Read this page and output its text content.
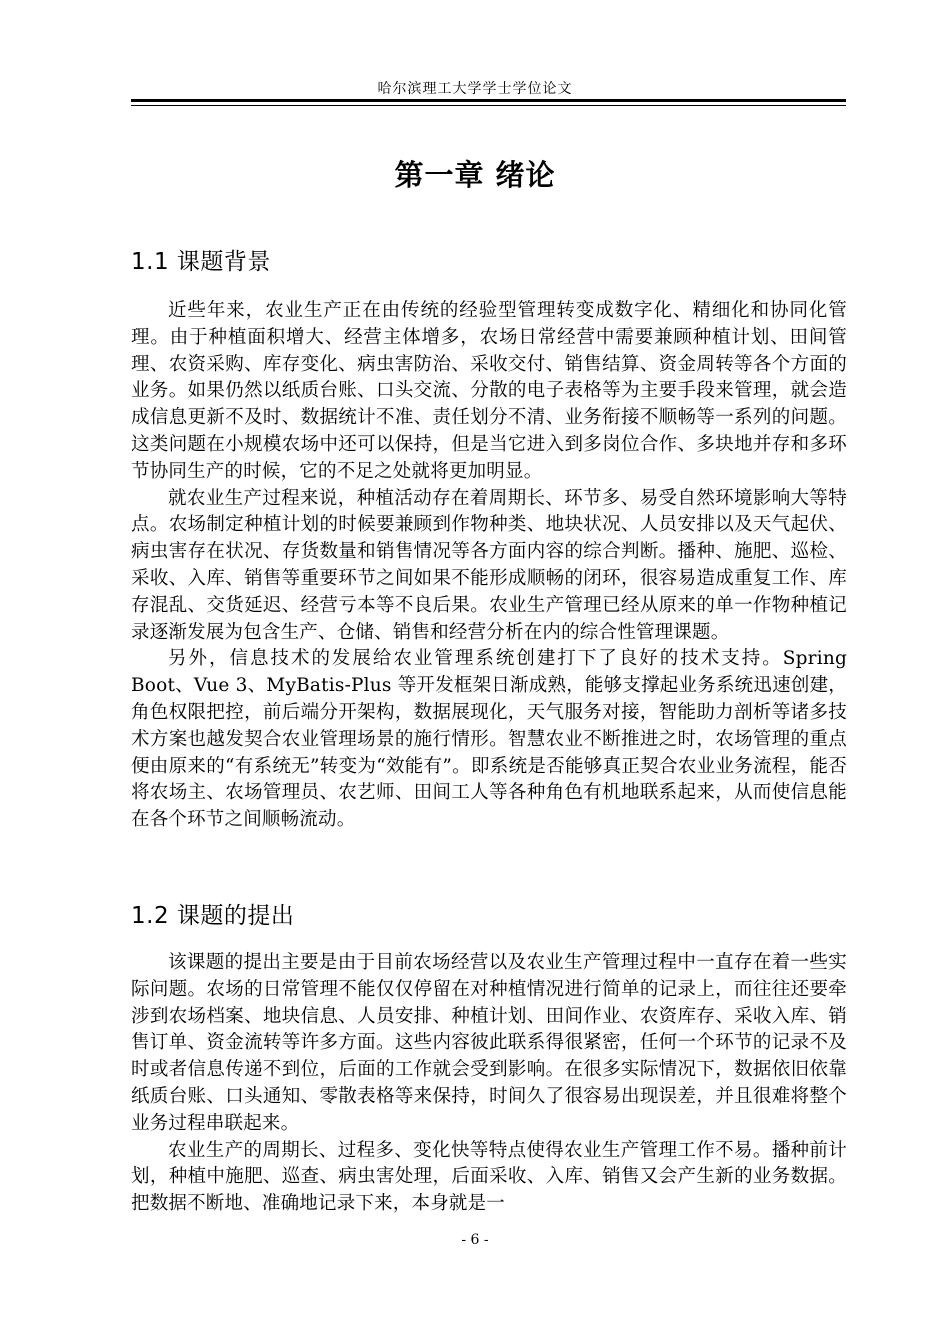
哈尔滨理工大学学士学位论文
第一章 绪论
1.1 课题背景

近些年来，农业生产正在由传统的经验型管理转变成数字化、精细化和协同化管理。由于种植面积增大、经营主体增多，农场日常经营中需要兼顾种植计划、田间管理、农资采购、库存变化、病虫害防治、采收交付、销售结算、资金周转等各个方面的业务。如果仍然以纸质台账、口头交流、分散的电子表格等为主要手段来管理，就会造成信息更新不及时、数据统计不准、责任划分不清、业务衔接不顺畅等一系列的问题。这类问题在小规模农场中还可以保持，但是当它进入到多岗位合作、多块地并存和多环节协同生产的时候，它的不足之处就将更加明显。

就农业生产过程来说，种植活动存在着周期长、环节多、易受自然环境影响大等特点。农场制定种植计划的时候要兼顾到作物种类、地块状况、人员安排以及天气起伏、病虫害存在状况、存货数量和销售情况等各方面内容的综合判断。播种、施肥、巡检、采收、入库、销售等重要环节之间如果不能形成顺畅的闭环，很容易造成重复工作、库存混乱、交货延迟、经营亏本等不良后果。农业生产管理已经从原来的单一作物种植记录逐渐发展为包含生产、仓储、销售和经营分析在内的综合性管理课题。

另外，信息技术的发展给农业管理系统创建打下了良好的技术支持。Spring Boot、Vue 3、MyBatis-Plus 等开发框架日渐成熟，能够支撑起业务系统迅速创建，角色权限把控，前后端分开架构，数据展现化，天气服务对接，智能助力剖析等诸多技术方案也越发契合农业管理场景的施行情形。智慧农业不断推进之时，农场管理的重点便由原来的“有系统无”转变为“效能有”。即系统是否能够真正契合农业业务流程，能否将农场主、农场管理员、农艺师、田间工人等各种角色有机地联系起来，从而使信息能在各个环节之间顺畅流动。

1.2 课题的提出

该课题的提出主要是由于目前农场经营以及农业生产管理过程中一直存在着一些实际问题。农场的日常管理不能仅仅停留在对种植情况进行简单的记录上，而往往还要牵涉到农场档案、地块信息、人员安排、种植计划、田间作业、农资库存、采收入库、销售订单、资金流转等许多方面。这些内容彼此联系得很紧密，任何一个环节的记录不及时或者信息传递不到位，后面的工作就会受到影响。在很多实际情况下，数据依旧依靠纸质台账、口头通知、零散表格等来保持，时间久了很容易出现误差，并且很难将整个业务过程串联起来。

农业生产的周期长、过程多、变化快等特点使得农业生产管理工作不易。播种前计划，种植中施肥、巡查、病虫害处理，后面采收、入库、销售又会产生新的业务数据。把数据不断地、准确地记录下来，本身就是一

- 6 -
